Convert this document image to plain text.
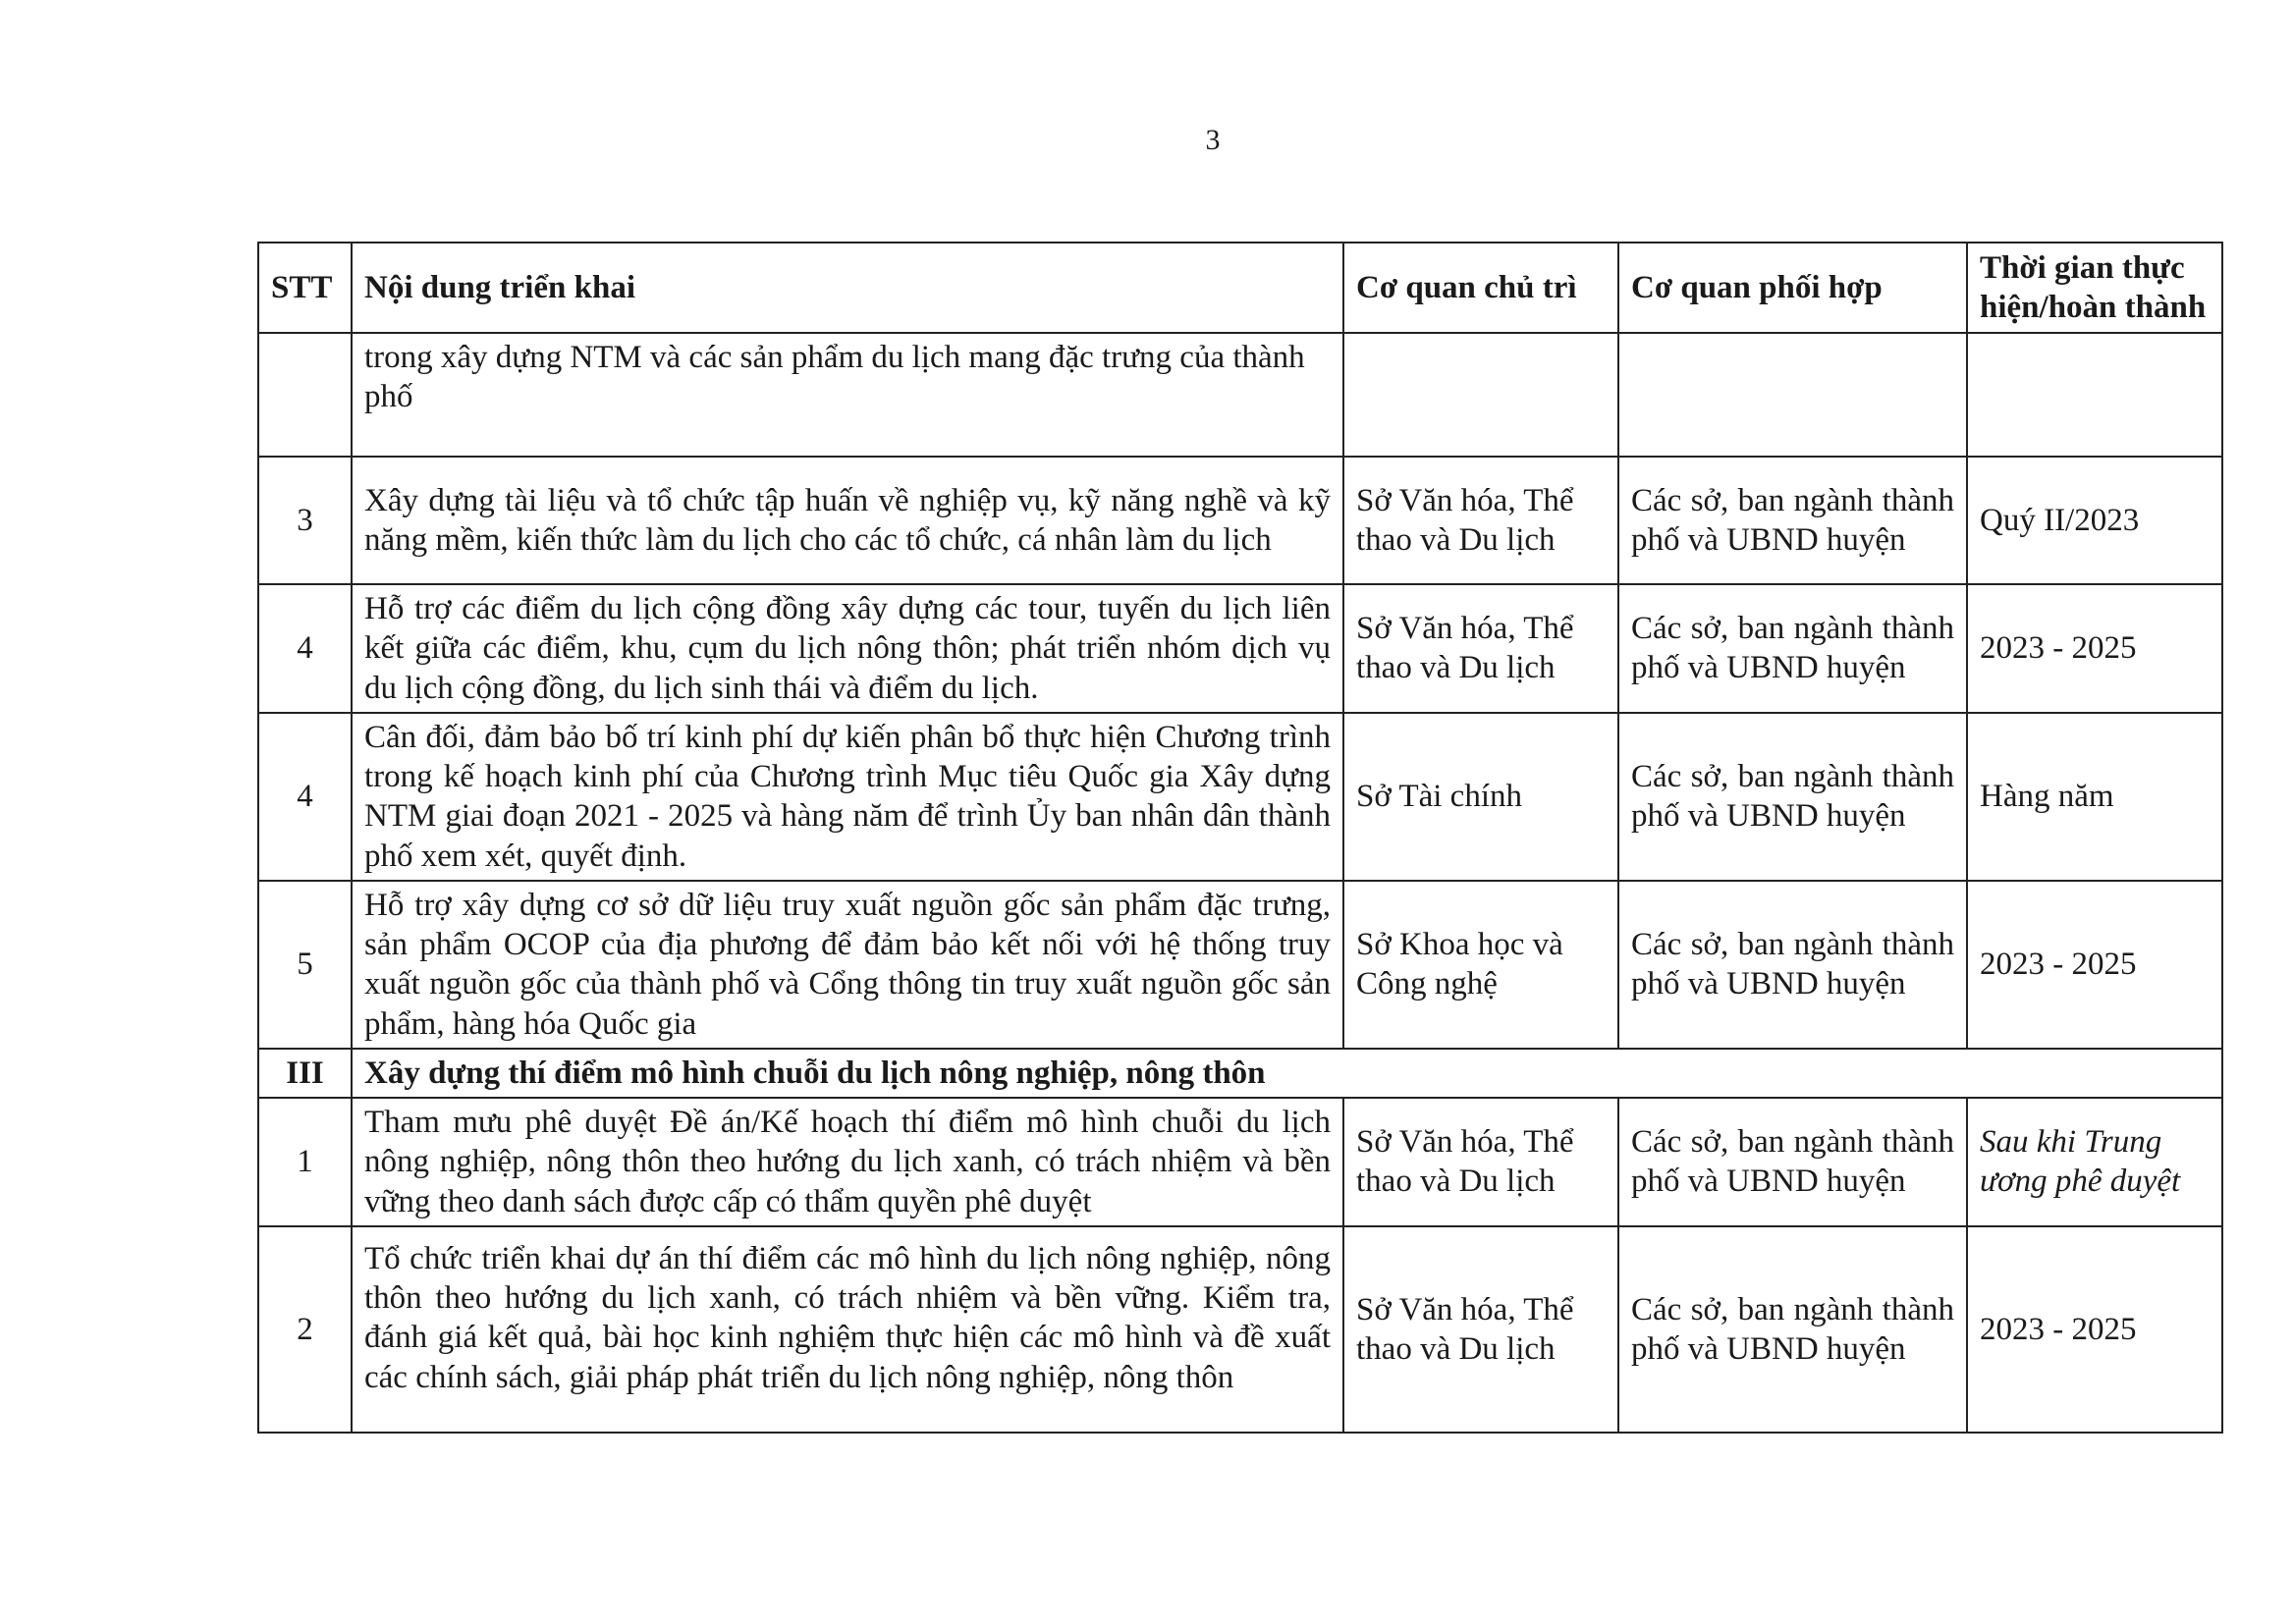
3
STT	Nội dung triển khai	Cơ quan chủ trì	Cơ quan phối hợp	Thời gian thực hiện/hoàn thành
	trong xây dựng NTM và các sản phẩm du lịch mang đặc trưng của thành phố			
3	Xây dựng tài liệu và tổ chức tập huấn về nghiệp vụ, kỹ năng nghề và kỹ năng mềm, kiến thức làm du lịch cho các tổ chức, cá nhân làm du lịch	Sở Văn hóa, Thể thao và Du lịch	Các sở, ban ngành thành phố và UBND huyện	Quý II/2023
4	Hỗ trợ các điểm du lịch cộng đồng xây dựng các tour, tuyến du lịch liên kết giữa các điểm, khu, cụm du lịch nông thôn; phát triển nhóm dịch vụ du lịch cộng đồng, du lịch sinh thái và điểm du lịch.	Sở Văn hóa, Thể thao và Du lịch	Các sở, ban ngành thành phố và UBND huyện	2023 - 2025
4	Cân đối, đảm bảo bố trí kinh phí dự kiến phân bổ thực hiện Chương trình trong kế hoạch kinh phí của Chương trình Mục tiêu Quốc gia Xây dựng NTM giai đoạn 2021 - 2025 và hàng năm để trình Ủy ban nhân dân thành phố xem xét, quyết định.	Sở Tài chính	Các sở, ban ngành thành phố và UBND huyện	Hàng năm
5	Hỗ trợ xây dựng cơ sở dữ liệu truy xuất nguồn gốc sản phẩm đặc trưng, sản phẩm OCOP của địa phương để đảm bảo kết nối với hệ thống truy xuất nguồn gốc của thành phố và Cổng thông tin truy xuất nguồn gốc sản phẩm, hàng hóa Quốc gia	Sở Khoa học và Công nghệ	Các sở, ban ngành thành phố và UBND huyện	2023 - 2025
III	Xây dựng thí điểm mô hình chuỗi du lịch nông nghiệp, nông thôn			
1	Tham mưu phê duyệt Đề án/Kế hoạch thí điểm mô hình chuỗi du lịch nông nghiệp, nông thôn theo hướng du lịch xanh, có trách nhiệm và bền vững theo danh sách được cấp có thẩm quyền phê duyệt	Sở Văn hóa, Thể thao và Du lịch	Các sở, ban ngành thành phố và UBND huyện	Sau khi Trung ương phê duyệt
2	Tổ chức triển khai dự án thí điểm các mô hình du lịch nông nghiệp, nông thôn theo hướng du lịch xanh, có trách nhiệm và bền vững. Kiểm tra, đánh giá kết quả, bài học kinh nghiệm thực hiện các mô hình và đề xuất các chính sách, giải pháp phát triển du lịch nông nghiệp, nông thôn	Sở Văn hóa, Thể thao và Du lịch	Các sở, ban ngành thành phố và UBND huyện	2023 - 2025
